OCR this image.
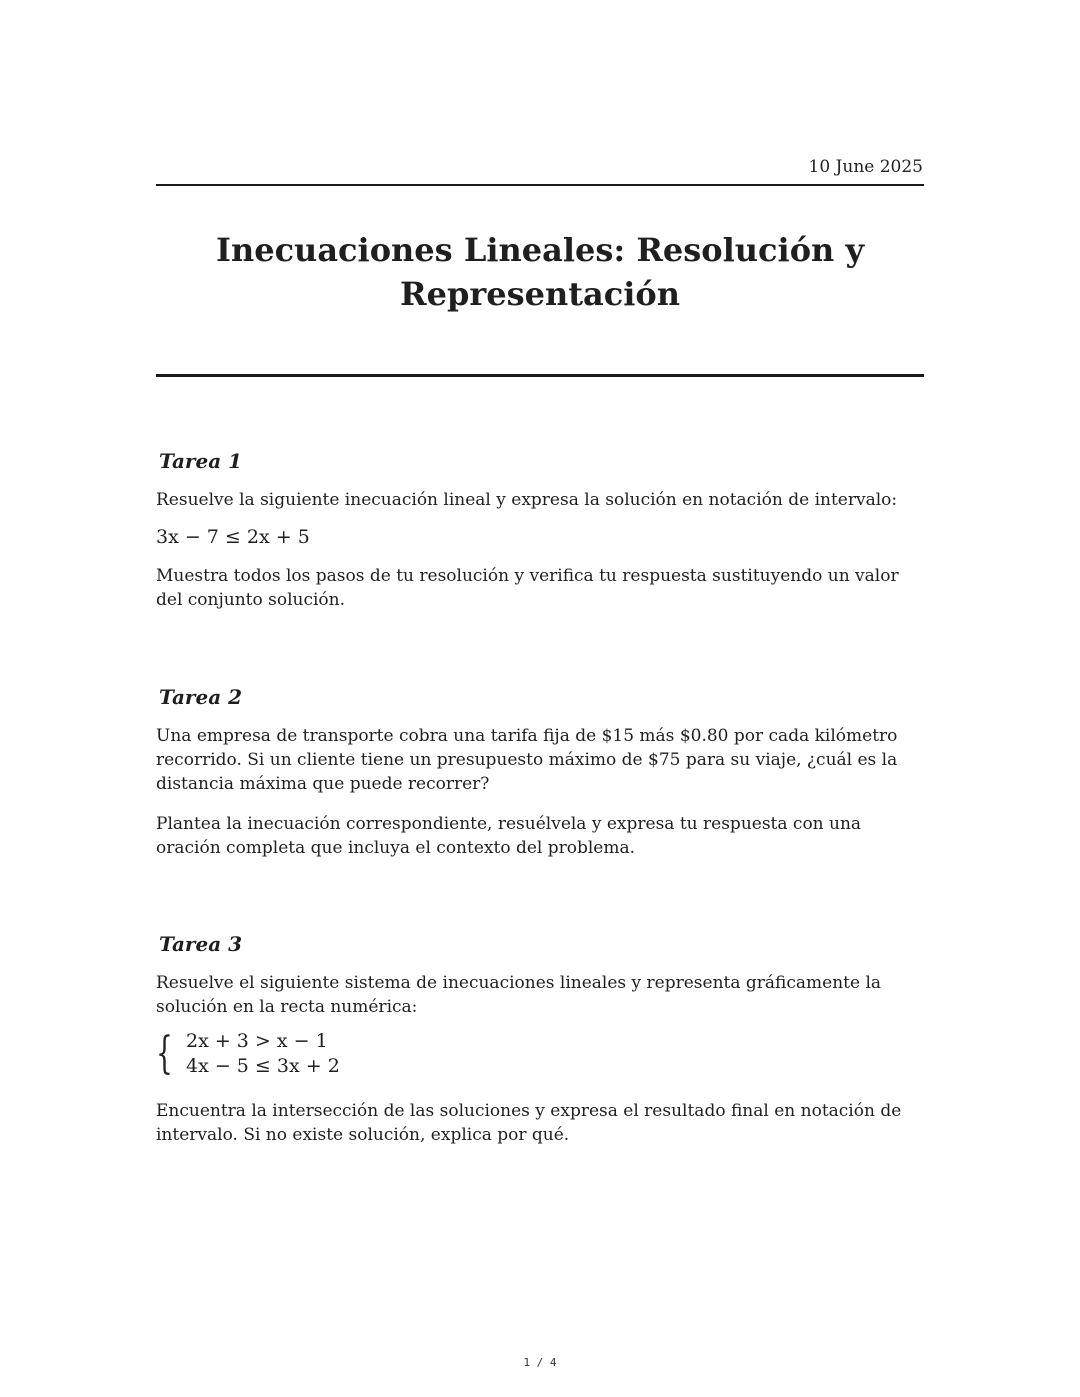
10 June 2025
Inecuaciones Lineales: Resolución y Representación
Tarea 1

Resuelve la siguiente inecuación lineal y expresa la solución en notación de intervalo:

3x − 7 ≤ 2x + 5

Muestra todos los pasos de tu resolución y verifica tu respuesta sustituyendo un valor del conjunto solución.

Tarea 2

Una empresa de transporte cobra una tarifa fija de $15 más $0.80 por cada kilómetro recorrido. Si un cliente tiene un presupuesto máximo de $75 para su viaje, ¿cuál es la distancia máxima que puede recorrer?

Plantea la inecuación correspondiente, resuélvela y expresa tu respuesta con una oración completa que incluya el contexto del problema.

Tarea 3

Resuelve el siguiente sistema de inecuaciones lineales y representa gráficamente la solución en la recta numérica:

{ 2x + 3 > x − 1
4x − 5 ≤ 3x + 2

Encuentra la intersección de las soluciones y expresa el resultado final en notación de intervalo. Si no existe solución, explica por qué.

1 / 4
